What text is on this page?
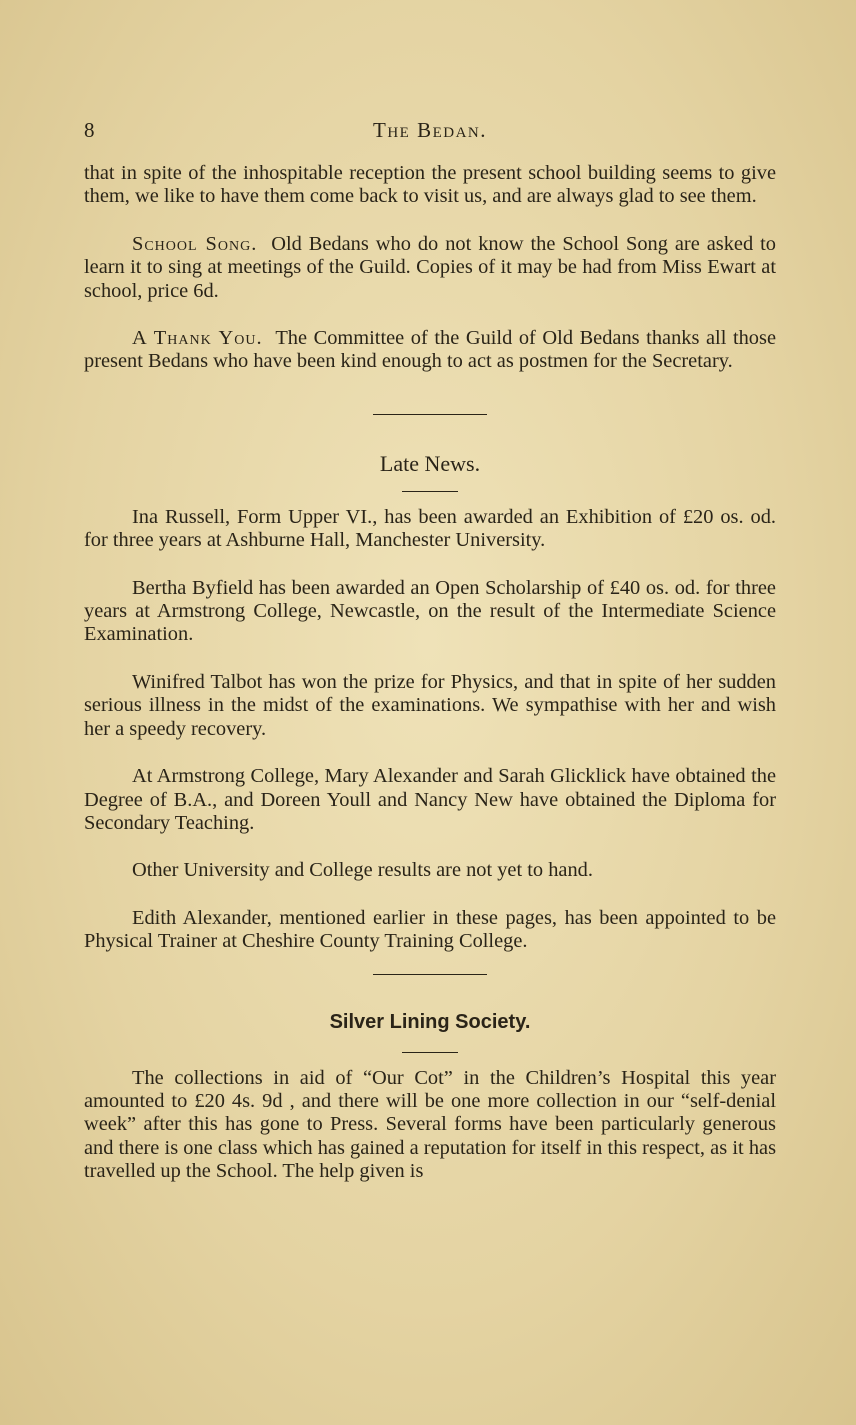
8	The Bedan.

that in spite of the inhospitable reception the present school building seems to give them, we like to have them come back to visit us, and are always glad to see them.

School Song. Old Bedans who do not know the School Song are asked to learn it to sing at meetings of the Guild. Copies of it may be had from Miss Ewart at school, price 6d.

A Thank You. The Committee of the Guild of Old Bedans thanks all those present Bedans who have been kind enough to act as postmen for the Secretary.

Late News.

Ina Russell, Form Upper VI., has been awarded an Exhibition of £20 os. od. for three years at Ashburne Hall, Manchester University.

Bertha Byfield has been awarded an Open Scholarship of £40 os. od. for three years at Armstrong College, Newcastle, on the result of the Intermediate Science Examination.

Winifred Talbot has won the prize for Physics, and that in spite of her sudden serious illness in the midst of the examinations. We sympathise with her and wish her a speedy recovery.

At Armstrong College, Mary Alexander and Sarah Glicklick have obtained the Degree of B.A., and Doreen Youll and Nancy New have obtained the Diploma for Secondary Teaching.

Other University and College results are not yet to hand.

Edith Alexander, mentioned earlier in these pages, has been appointed to be Physical Trainer at Cheshire County Training College.

Silver Lining Society.

The collections in aid of “Our Cot” in the Children’s Hospital this year amounted to £20 4s. 9d , and there will be one more collection in our “self-denial week” after this has gone to Press. Several forms have been particularly generous and there is one class which has gained a reputation for itself in this respect, as it has travelled up the School. The help given is
